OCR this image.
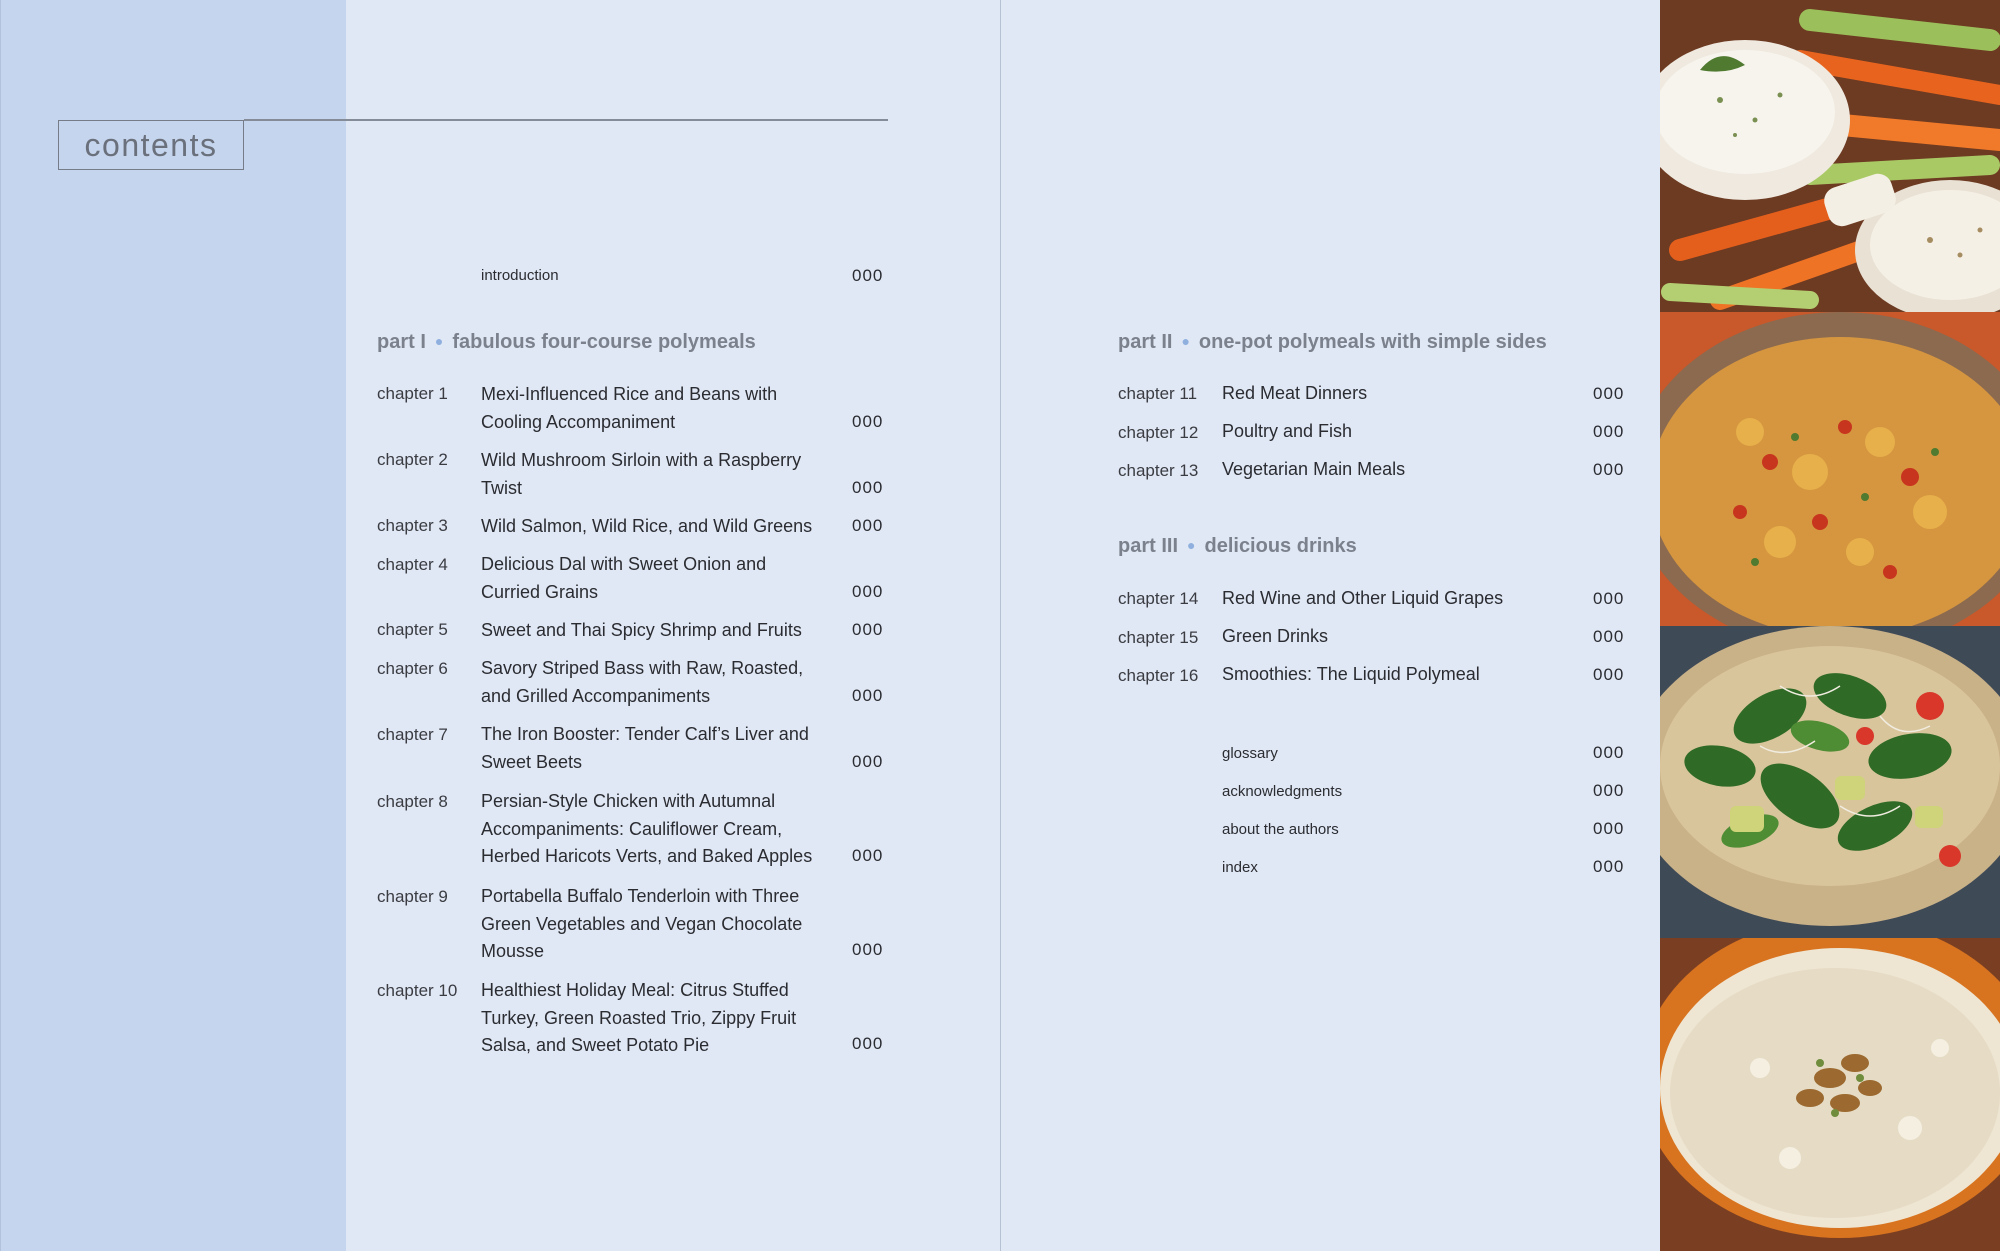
contents
introduction	000
part I ● fabulous four-course polymeals
chapter 1 Mexi-Influenced Rice and Beans with Cooling Accompaniment	000
chapter 2 Wild Mushroom Sirloin with a Raspberry Twist	000
chapter 3 Wild Salmon, Wild Rice, and Wild Greens	000
chapter 4 Delicious Dal with Sweet Onion and Curried Grains	000
chapter 5 Sweet and Thai Spicy Shrimp and Fruits	000
chapter 6 Savory Striped Bass with Raw, Roasted, and Grilled Accompaniments	000
chapter 7 The Iron Booster: Tender Calf’s Liver and Sweet Beets	000
chapter 8 Persian-Style Chicken with Autumnal Accompaniments: Cauliflower Cream, Herbed Haricots Verts, and Baked Apples	000
chapter 9 Portabella Buffalo Tenderloin with Three Green Vegetables and Vegan Chocolate Mousse	000
chapter 10 Healthiest Holiday Meal: Citrus Stuffed Turkey, Green Roasted Trio, Zippy Fruit Salsa, and Sweet Potato Pie	000
part II ● one-pot polymeals with simple sides
chapter 11 Red Meat Dinners	000
chapter 12 Poultry and Fish	000
chapter 13 Vegetarian Main Meals	000
part III ● delicious drinks
chapter 14 Red Wine and Other Liquid Grapes	000
chapter 15 Green Drinks	000
chapter 16 Smoothies: The Liquid Polymeal	000
glossary	000
acknowledgments	000
about the authors	000
index	000
